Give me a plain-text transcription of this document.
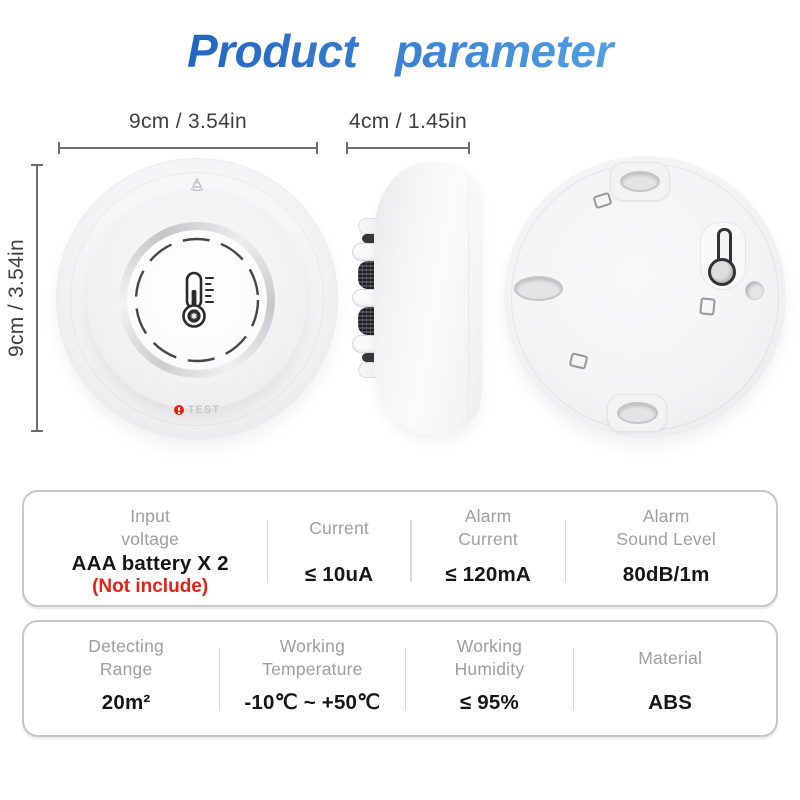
Product parameter
9cm / 3.54in	4cm / 1.45in
9cm / 3.54in
TEST
Input
voltage
AAA battery X 2
(Not include)
Current
≤ 10uA
Alarm
Current
≤ 120mA
Alarm
Sound Level
80dB/1m
Detecting
Range
20m²
Working
Temperature
-10℃ ~ +50℃
Working
Humidity
≤ 95%
Material
ABS
